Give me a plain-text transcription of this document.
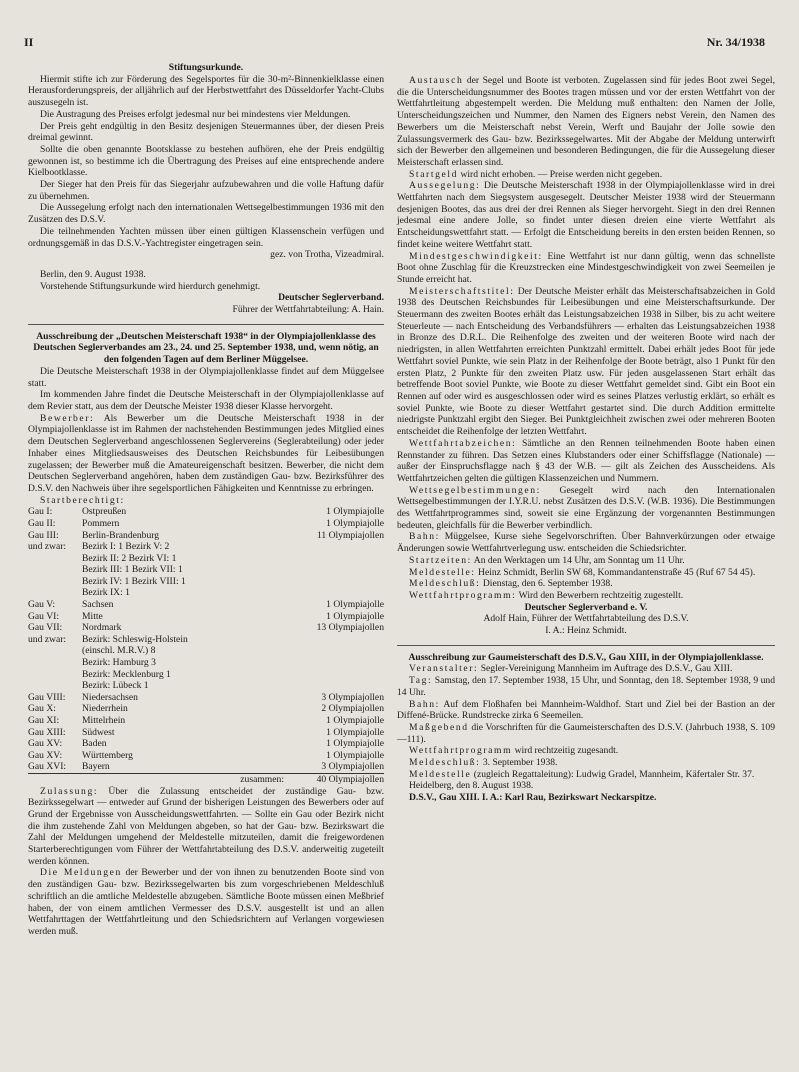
II	Nr. 34/1938
Stiftungsurkunde.
Hiermit stifte ich zur Förderung des Segelsportes für die 30-m²-Binnenkielklasse einen Herausforderungspreis, der alljährlich auf der Herbstwettfahrt des Düsseldorfer Yacht-Clubs auszusegeln ist.
Die Austragung des Preises erfolgt jedesmal nur bei mindestens vier Meldungen.
Der Preis geht endgültig in den Besitz desjenigen Steuermannes über, der diesen Preis dreimal gewinnt.
Sollte die oben genannte Bootsklasse zu bestehen aufhören, ehe der Preis endgültig gewonnen ist, so bestimme ich die Übertragung des Preises auf eine entsprechende andere Kielbootklasse.
Der Sieger hat den Preis für das Siegerjahr aufzubewahren und die volle Haftung dafür zu übernehmen.
Die Aussegelung erfolgt nach den internationalen Wettsegelbestimmungen 1936 mit den Zusätzen des D.S.V.
Die teilnehmenden Yachten müssen über einen gültigen Klassenschein verfügen und ordnungsgemäß in das D.S.V.-Yachtregister eingetragen sein.
gez. von Trotha, Vizeadmiral.
Berlin, den 9. August 1938.
Vorstehende Stiftungsurkunde wird hierdurch genehmigt.
Deutscher Seglerverband.
Führer der Wettfahrtabteilung: A. Hain.
Ausschreibung der „Deutschen Meisterschaft 1938“ in der Olympiajollenklasse des Deutschen Seglerverbandes am 23., 24. und 25. September 1938, und, wenn nötig, an den folgenden Tagen auf dem Berliner Müggelsee.
Die Deutsche Meisterschaft 1938 in der Olympiajollenklasse findet auf dem Müggelsee statt.
Im kommenden Jahre findet die Deutsche Meisterschaft in der Olympiajollenklasse auf dem Revier statt, aus dem der Deutsche Meister 1938 dieser Klasse hervorgeht.
Bewerber: Als Bewerber um die Deutsche Meisterschaft 1938 in der Olympiajollenklasse ist im Rahmen der nachstehenden Bestimmungen jedes Mitglied eines dem Deutschen Seglerverband angeschlossenen Seglervereins (Seglerabteilung) oder jeder Inhaber eines Mitgliedsausweises des Deutschen Reichsbundes für Leibesübungen zugelassen; der Bewerber muß die Amateureigenschaft besitzen. Bewerber, die nicht dem Deutschen Seglerverband angehören, haben dem zuständigen Gau- bzw. Bezirksführer des D.S.V. den Nachweis über ihre segelsportlichen Fähigkeiten und Kenntnisse zu erbringen.
Startberechtigt:
Gau I:	Ostpreußen	1 Olympiajolle
Gau II:	Pommern	1 Olympiajolle
Gau III:	Berlin-Brandenburg	11 Olympiajollen
und zwar:	Bezirk I: 1 Bezirk V: 2	
	Bezirk II: 2 Bezirk VI: 1	
	Bezirk III: 1 Bezirk VII: 1	
	Bezirk IV: 1 Bezirk VIII: 1	
	Bezirk IX: 1	
Gau V:	Sachsen	1 Olympiajolle
Gau VI:	Mitte	1 Olympiajolle
Gau VII:	Nordmark	13 Olympiajollen
und zwar:	Bezirk: Schleswig-Holstein	
	(einschl. M.R.V.) 8	
	Bezirk: Hamburg 3	
	Bezirk: Mecklenburg 1	
	Bezirk: Lübeck 1	
Gau VIII:	Niedersachsen	3 Olympiajollen
Gau X:	Niederrhein	2 Olympiajollen
Gau XI:	Mittelrhein	1 Olympiajolle
Gau XIII:	Südwest	1 Olympiajolle
Gau XV:	Baden	1 Olympiajolle
Gau XV:	Württemberg	1 Olympiajolle
Gau XVI:	Bayern	3 Olympiajollen
	zusammen:	40 Olympiajollen
Zulassung: Über die Zulassung entscheidet der zuständige Gau- bzw. Bezirkssegelwart — entweder auf Grund der bisherigen Leistungen des Bewerbers oder auf Grund der Ergebnisse von Ausscheidungswettfahrten. — Sollte ein Gau oder Bezirk nicht die ihm zustehende Zahl von Meldungen abgeben, so hat der Gau- bzw. Bezirkswart die Zahl der Meldungen umgehend der Meldestelle mitzuteilen, damit die freigewordenen Starterberechtigungen vom Führer der Wettfahrtabteilung des D.S.V. anderweitig zugeteilt werden können.
Die Meldungen der Bewerber und der von ihnen zu benutzenden Boote sind von den zuständigen Gau- bzw. Bezirkssegelwarten bis zum vorgeschriebenen Meldeschluß schriftlich an die amtliche Meldestelle abzugeben. Sämtliche Boote müssen einen Meßbrief haben, der von einem amtlichen Vermesser des D.S.V. ausgestellt ist und an allen Wettfahrttagen der Wettfahrtleitung und den Schiedsrichtern auf Verlangen vorgewiesen werden muß.
Austausch der Segel und Boote ist verboten. Zugelassen sind für jedes Boot zwei Segel, die die Unterscheidungsnummer des Bootes tragen müssen und vor der ersten Wettfahrt von der Wettfahrtleitung abgestempelt werden. Die Meldung muß enthalten: den Namen der Jolle, Unterscheidungszeichen und Nummer, den Namen des Eigners nebst Verein, den Namen des Bewerbers um die Meisterschaft nebst Verein, Werft und Baujahr der Jolle sowie den Zulassungsvermerk des Gau- bzw. Bezirkssegelwartes. Mit der Abgabe der Meldung unterwirft sich der Bewerber den allgemeinen und besonderen Bedingungen, die für die Aussegelung dieser Meisterschaft erlassen sind.
Startgeld wird nicht erhoben. — Preise werden nicht gegeben.
Aussegelung: Die Deutsche Meisterschaft 1938 in der Olympiajollenklasse wird in drei Wettfahrten nach dem Siegsystem ausgesegelt. Deutscher Meister 1938 wird der Steuermann desjenigen Bootes, das aus drei der drei Rennen als Sieger hervorgeht. Siegt in den drei Rennen jedesmal eine andere Jolle, so findet unter diesen dreien eine vierte Wettfahrt als Entscheidungswettfahrt statt. — Erfolgt die Entscheidung bereits in den ersten beiden Rennen, so findet keine weitere Wettfahrt statt.
Mindestgeschwindigkeit: Eine Wettfahrt ist nur dann gültig, wenn das schnellste Boot ohne Zuschlag für die Kreuzstrecken eine Mindestgeschwindigkeit von zwei Seemeilen je Stunde erreicht hat.
Meisterschaftstitel: Der Deutsche Meister erhält das Meisterschaftsabzeichen in Gold 1938 des Deutschen Reichsbundes für Leibesübungen und eine Meisterschaftsurkunde. Der Steuermann des zweiten Bootes erhält das Leistungsabzeichen 1938 in Silber, bis zu acht weitere Steuerleute — nach Entscheidung des Verbandsführers — erhalten das Leistungsabzeichen 1938 in Bronze des D.R.L. Die Reihenfolge des zweiten und der weiteren Boote wird nach der niedrigsten, in allen Wettfahrten erreichten Punktzahl ermittelt. Dabei erhält jedes Boot für jede Wettfahrt soviel Punkte, wie sein Platz in der Reihenfolge der Boote beträgt, also 1 Punkt für den ersten Platz, 2 Punkte für den zweiten Platz usw. Für jeden ausgelassenen Start erhält das betreffende Boot soviel Punkte, wie Boote zu dieser Wettfahrt gemeldet sind. Gibt ein Boot ein Rennen auf oder wird es ausgeschlossen oder wird es seines Platzes verlustig erklärt, so erhält es soviel Punkte, wie Boote zu dieser Wettfahrt gestartet sind. Die durch Addition ermittelte niedrigste Punktzahl ergibt den Sieger. Bei Punktgleichheit zwischen zwei oder mehreren Booten entscheidet die Reihenfolge der letzten Wettfahrt.
Wettfahrtabzeichen: Sämtliche an den Rennen teilnehmenden Boote haben einen Rennstander zu führen. Das Setzen eines Klubstanders oder einer Schiffsflagge (Nationale) — außer der Einspruchsflagge nach § 43 der W.B. — gilt als Zeichen des Ausscheidens. Als Wettfahrtzeichen gelten die gültigen Klassenzeichen und Nummern.
Wettsegelbestimmungen: Gesegelt wird nach den Internationalen Wettsegelbestimmungen der I.Y.R.U. nebst Zusätzen des D.S.V. (W.B. 1936). Die Bestimmungen des Wettfahrtprogrammes sind, soweit sie eine Ergänzung der vorgenannten Bestimmungen bedeuten, gleichfalls für die Bewerber verbindlich.
Bahn: Müggelsee, Kurse siehe Segelvorschriften. Über Bahnverkürzungen oder etwaige Änderungen sowie Wettfahrtverlegung usw. entscheiden die Schiedsrichter.
Startzeiten: An den Werktagen um 14 Uhr, am Sonntag um 11 Uhr.
Meldestelle: Heinz Schmidt, Berlin SW 68, Kommandantenstraße 45 (Ruf 67 54 45).
Meldeschluß: Dienstag, den 6. September 1938.
Wettfahrtprogramm: Wird den Bewerbern rechtzeitig zugestellt.
Deutscher Seglerverband e. V.
Adolf Hain, Führer der Wettfahrtabteilung des D.S.V.
I. A.: Heinz Schmidt.
Ausschreibung zur Gaumeisterschaft des D.S.V., Gau XIII, in der Olympiajollenklasse.
Veranstalter: Segler-Vereinigung Mannheim im Auftrage des D.S.V., Gau XIII.
Tag: Samstag, den 17. September 1938, 15 Uhr, und Sonntag, den 18. September 1938, 9 und 14 Uhr.
Bahn: Auf dem Floßhafen bei Mannheim-Waldhof. Start und Ziel bei der Bastion an der Diffené-Brücke. Rundstrecke zirka 6 Seemeilen.
Maßgebend die Vorschriften für die Gaumeisterschaften des D.S.V. (Jahrbuch 1938, S. 109—111).
Wettfahrtprogramm wird rechtzeitig zugesandt.
Meldeschluß: 3. September 1938.
Meldestelle (zugleich Regattaleitung): Ludwig Gradel, Mannheim, Käfertaler Str. 37.
Heidelberg, den 8. August 1938.
D.S.V., Gau XIII. I. A.: Karl Rau, Bezirkswart Neckarspitze.
